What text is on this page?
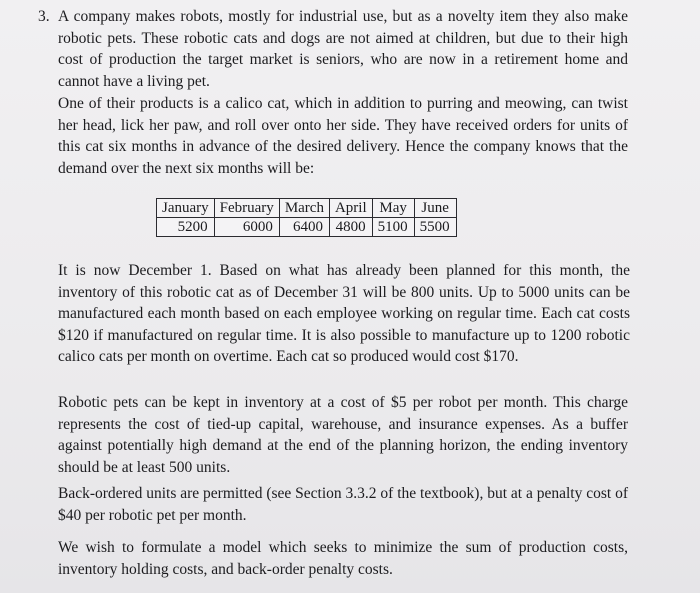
3. A company makes robots, mostly for industrial use, but as a novelty item they also make robotic pets. These robotic cats and dogs are not aimed at children, but due to their high cost of production the target market is seniors, who are now in a retirement home and cannot have a living pet.

One of their products is a calico cat, which in addition to purring and meowing, can twist her head, lick her paw, and roll over onto her side. They have received orders for units of this cat six months in advance of the desired delivery. Hence the company knows that the demand over the next six months will be:

January	February	March	April	May	June
5200	6000	6400	4800	5100	5500

It is now December 1. Based on what has already been planned for this month, the inventory of this robotic cat as of December 31 will be 800 units. Up to 5000 units can be manufactured each month based on each employee working on regular time. Each cat costs $120 if manufactured on regular time. It is also possible to manufacture up to 1200 robotic calico cats per month on overtime. Each cat so produced would cost $170.

Robotic pets can be kept in inventory at a cost of $5 per robot per month. This charge represents the cost of tied-up capital, warehouse, and insurance expenses. As a buffer against potentially high demand at the end of the planning horizon, the ending inventory should be at least 500 units.

Back-ordered units are permitted (see Section 3.3.2 of the textbook), but at a penalty cost of $40 per robotic pet per month.

We wish to formulate a model which seeks to minimize the sum of production costs, inventory holding costs, and back-order penalty costs.
